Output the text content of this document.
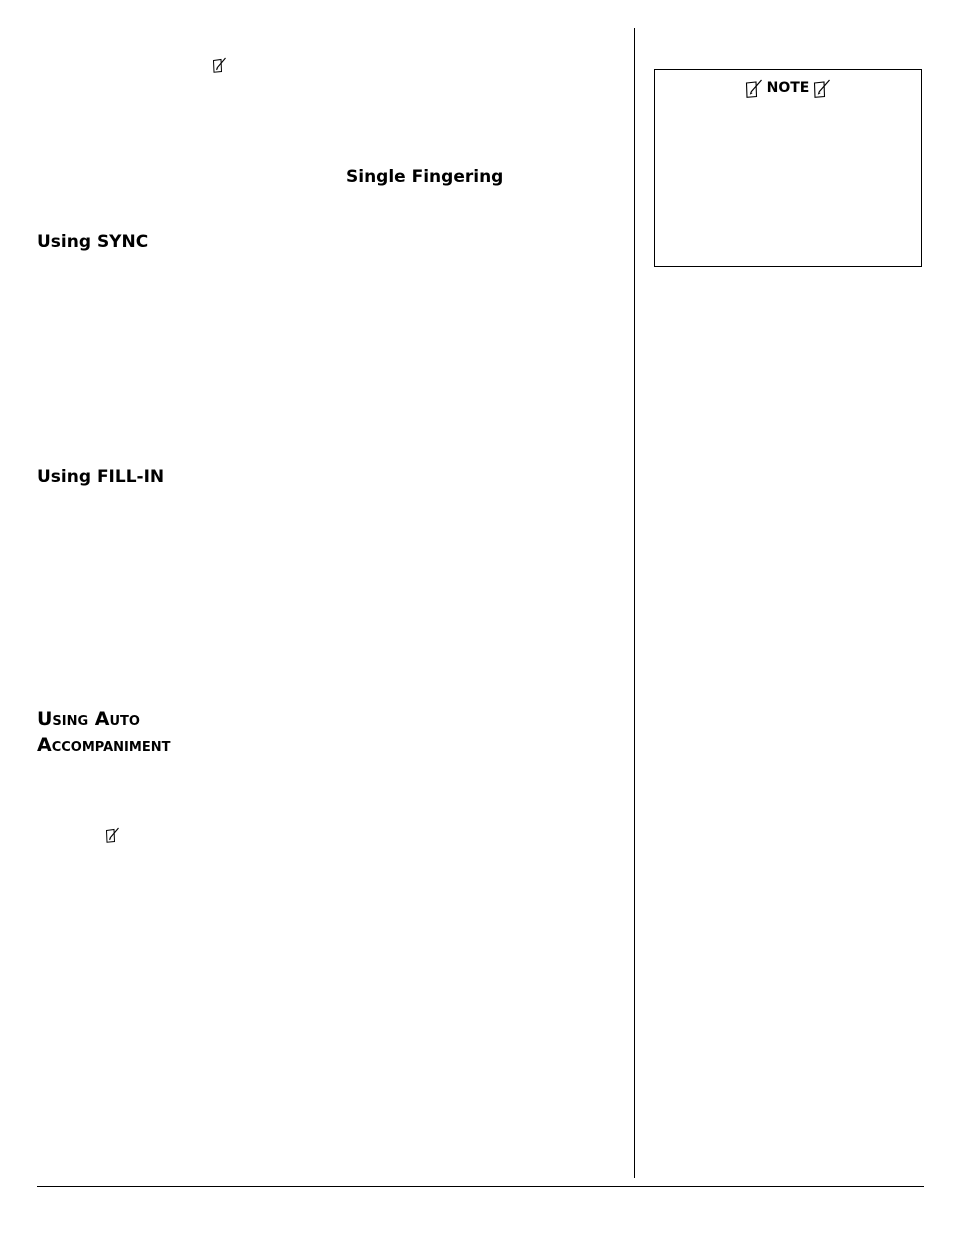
Single Fingering
Using SYNC
Using FILL-IN
Using Auto
Accompaniment
NOTE
